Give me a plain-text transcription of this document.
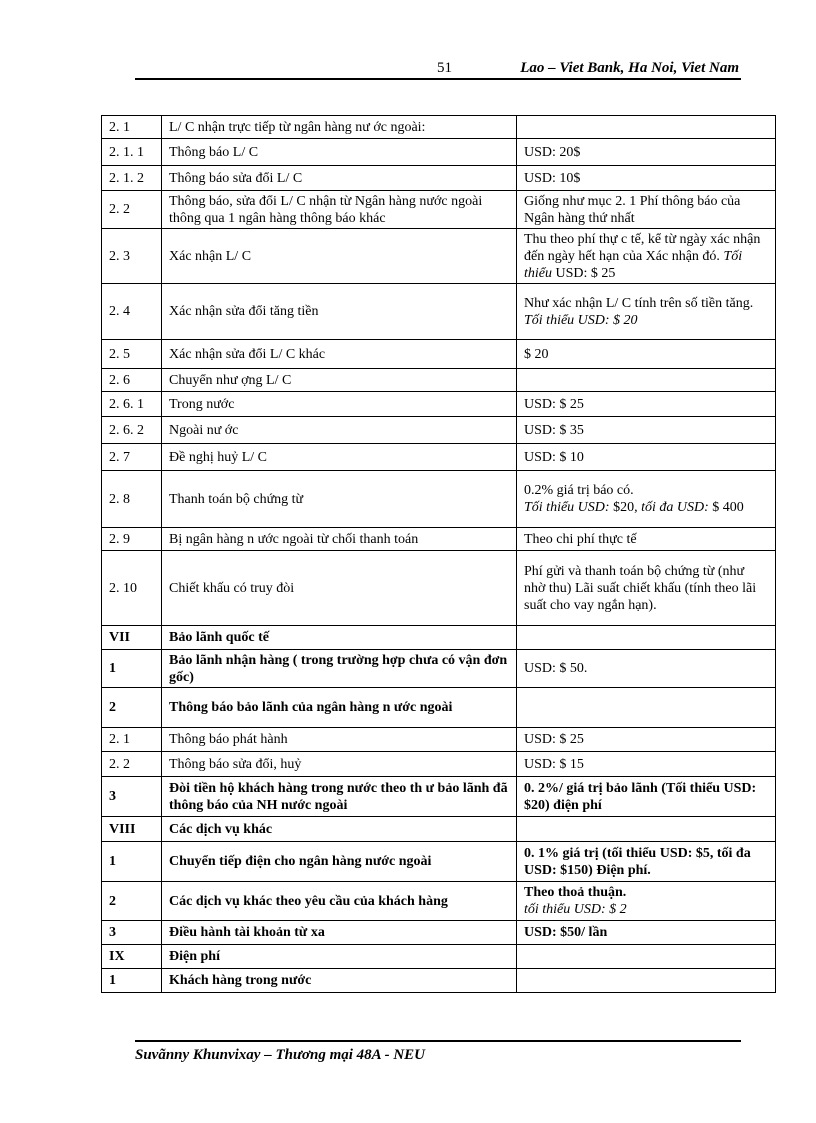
51	Lao – Viet Bank, Ha Noi, Viet Nam
2. 1	L/ C nhận trực tiếp từ ngân hàng nư ớc ngoài:	
2. 1. 1	Thông báo L/ C	USD: 20$
2. 1. 2	Thông báo sửa đổi L/ C	USD: 10$
2. 2	Thông báo, sửa đổi L/ C nhận từ Ngân hàng nước ngoài thông qua 1 ngân hàng thông báo khác	Giống như mục 2. 1 Phí thông báo của Ngân hàng thứ nhất
2. 3	Xác nhận L/ C	Thu theo phí thự c tế, kể từ ngày xác nhận đến ngày hết hạn của Xác nhận đó. Tối thiểu USD: $ 25
2. 4	Xác nhận sửa đổi tăng tiền	Như xác nhận L/ C tính trên số tiền tăng.
Tối thiểu USD: $ 20
2. 5	Xác nhận sửa đổi L/ C khác	$ 20
2. 6	Chuyển như ợng L/ C	
2. 6. 1	Trong nước	USD: $ 25
2. 6. 2	Ngoài nư ớc	USD: $ 35
2. 7	Đề nghị huỷ L/ C	USD: $ 10
2. 8	Thanh toán bộ chứng từ	0.2% giá trị báo có.
Tối thiểu USD: $20, tối đa USD: $ 400
2. 9	Bị ngân hàng n ước ngoài từ chối thanh toán	Theo chi phí thực tế
2. 10	Chiết khấu có truy đòi	Phí gửi và thanh toán bộ chứng từ (như nhờ thu) Lãi suất chiết khấu (tính theo lãi suất cho vay ngắn hạn).
VII	Bảo lãnh quốc tế	
1	Bảo lãnh nhận hàng ( trong trường hợp chưa có vận đơn gốc)	USD: $ 50.
2	Thông báo bảo lãnh của ngân hàng n ước ngoài	
2. 1	Thông báo phát hành	USD: $ 25
2. 2	Thông báo sửa đổi, huỷ	USD: $ 15
3	Đòi tiền hộ khách hàng trong nước theo th ư bảo lãnh đã thông báo của NH nước ngoài	0. 2%/ giá trị bảo lãnh (Tối thiểu USD: $20) điện phí
VIII	Các dịch vụ khác	
1	Chuyển tiếp điện cho ngân hàng nước ngoài	0. 1% giá trị (tối thiểu USD: $5, tối đa USD: $150) Điện phí.
2	Các dịch vụ khác theo yêu cầu của khách hàng	Theo thoả thuận.
tối thiểu USD: $ 2
3	Điều hành tài khoản từ xa	USD: $50/ lần
IX	Điện phí	
1	Khách hàng trong nước	
Suvãnny Khunvixay – Thương mại 48A - NEU
